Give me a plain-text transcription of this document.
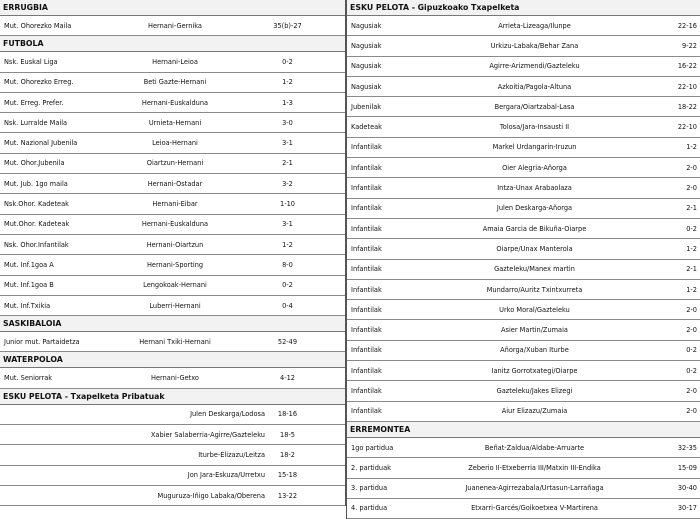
ERRUGBIA
Mut. Ohorezko Maila	Hernani-Gernika	35(b)-27
FUTBOLA
Nsk. Euskal Liga	Hernani-Leioa	0-2
Mut. Ohorezko Erreg.	Beti Gazte-Hernani	1-2
Mut. Erreg. Prefer.	Hernani-Euskalduna	1-3
Nsk. Lurralde Maila	Urnieta-Hernani	3-0
Mut. Nazional Jubenila	Leioa-Hernani	3-1
Mut. Ohor.Jubenila	Oiartzun-Hernani	2-1
Mut. Jub. 1go maila	Hernani-Ostadar	3-2
Nsk.Ohor. Kadeteak	Hernani-Eibar	1-10
Mut.Ohor. Kadeteak	Hernani-Euskalduna	3-1
Nsk. Ohor.Infantilak	Hernani-Oiartzun	1-2
Mut. Inf.1goa A	Hernani-Sporting	8-0
Mut. Inf.1goa B	Lengokoak-Hernani	0-2
Mut. Inf.Txikia	Luberri-Hernani	0-4
SASKIBALOIA
Junior mut. Partaidetza	Hernani Txiki-Hernani	52-49
WATERPOLOA
Mut. Seniorrak	Hernani-Getxo	4-12
ESKU PELOTA - Txapelketa Pribatuak
Julen Deskarga/Lodosa	18-16
Xabier Salaberria-Agirre/Gazteleku	18-5
Iturbe-Elizazu/Leitza	18-2
Jon Jara-Eskuza/Urretxu	15-18
Muguruza-Iñigo Labaka/Oberena	13-22
ESKU PELOTA - Gipuzkoako Txapelketa
Nagusiak	Arrieta-Lizeaga/Ilunpe	22-16
Nagusiak	Urkizu-Labaka/Behar Zana	9-22
Nagusiak	Agirre-Arizmendi/Gazteleku	16-22
Nagusiak	Azkoitia/Pagola-Altuna	22-10
Jubenilak	Bergara/Oiartzabal-Lasa	18-22
Kadeteak	Tolosa/Jara-Insausti II	22-10
Infantilak	Markel Urdangarin-Iruzun	1-2
Infantilak	Oier Alegria-Añorga	2-0
Infantilak	Intza-Unax Arabaolaza	2-0
Infantilak	Julen Deskarga-Añorga	2-1
Infantilak	Amaia Garcia de Bikuña-Oiarpe	0-2
Infantilak	Oiarpe/Unax Manterola	1-2
Infantilak	Gazteleku/Manex martin	2-1
Infantilak	Mundarro/Auritz Txintxurreta	1-2
Infantilak	Urko Moral/Gazteleku	2-0
Infantilak	Asier Martin/Zumaia	2-0
Infantilak	Añorga/Xuban Iturbe	0-2
Infantilak	Ianitz Gorrotxategi/Oiarpe	0-2
Infantilak	Gazteleku/Jakes Elizegi	2-0
Infantilak	Aiur Elizazu/Zumaia	2-0
ERREMONTEA
1go partidua	Beñat-Zaldua/Aldabe-Arruarte	32-35
2. partiduak	Zeberio II-Etxeberria III/Matxin III-Endika	15-09
3. partidua	Juanenea-Agirrezabala/Urtasun-Larrañaga	30-40
4. partidua	Etxarri-Garcés/Goikoetxea V-Martirena	30-17
